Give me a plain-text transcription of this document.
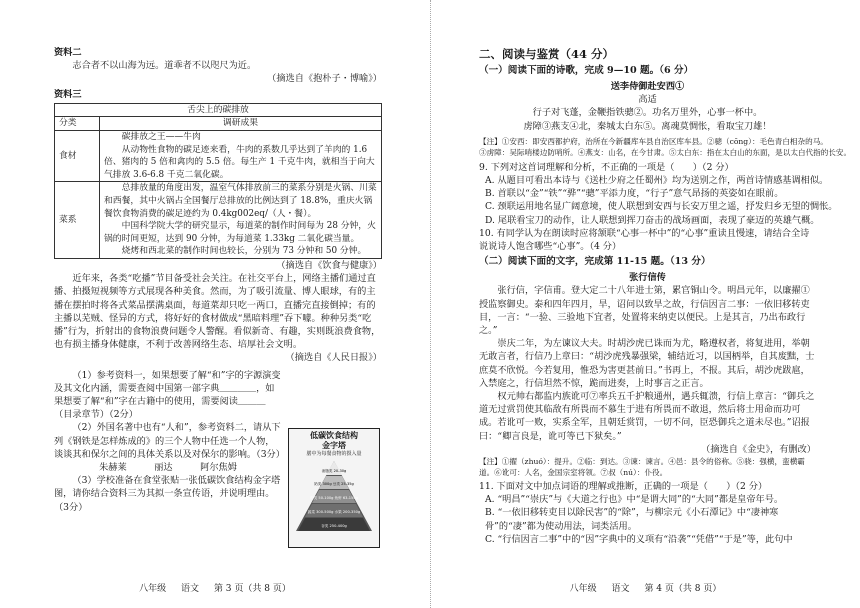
资料二

志合者不以山海为远。道乖者不以咫尺为近。

（摘选自《抱朴子・博喻》）

资料三

舌尖上的碳排放	
分类	调研成果
食材	碳排放之王——牛肉

从动物性食物的碳足迹来看，牛肉的系数几乎达到了羊肉的 1.6 倍、猪肉的 5 倍和禽肉的 5.5 倍。每生产 1 千克牛肉，就相当于向大气排放 3.6-6.8 千克二氧化碳。

菜系	总排放量的角度出发，温室气体排放前三的菜系分别是火锅、川菜和西餐，其中火锅占全国餐厅总排放的比例达到了 18.8%，重庆火锅餐饮食物消费的碳足迹约为 0.4kg002eq/（人・餐）。

中国科学院大学的研究显示，每道菜的制作时间每为 28 分钟，火锅的时间更短，达到 90 分钟，为每道菜 1.33kg 二氧化碳当量。

烧烤和西北菜的制作时间也较长，分别为 73 分钟和 50 分钟。

（摘选自《饮食与健康》）

近年来，各类“吃播”节目备受社会关注。在社交平台上，网络主播们通过直播、拍摄短视频等方式展现各种美食。然而，为了吸引流量、博人眼球，有的主播在摆拍时将各式菜品摆满桌面，每道菜却只吃一两口，直播完直接倒掉；有的主播以芜贼、怪异的方式，将好好的食材做成“黑暗料理”吞下噱。种种另类“吃播”行为，折射出的食物浪费问题令人警醒。看似新奇、有趣，实则既浪费食物，也有损主播身体健康，不利于改善网络生态、培厚社会文明。

（摘选自《人民日报》）

（1）参考资料一，如果想要了解“和”字的字源演变及其文化内涵，需要查阅中国第一部字典＿＿＿＿，如果想要了解“和”字在古籍中的使用，需要阅读＿＿＿（目录章节）（2分）

（2）外国名著中也有“人和”，参考资料二，请从下列《钢铁是怎样炼成的》的三个人物中任选一个人物，谈谈其和保尔之间的具体关系以及对保尔的影响。（3分）

朱赫莱　　　丽达　　　阿尔焦姆

（3）学校准备在食堂张贴一张低碳饮食结构金字塔图，请你结合资料三为其拟一条宣传语，并说明理由。（3分）

低碳饮食结构

金字塔

膳中为每餐食物的摄入量

油脂类 20-30g
奶类 300g 豆类 25-35g
肉类 50-100g 鱼虾 63-150g
蔬菜 300-500g 水果 200-350g
谷类 250-400g
八年级 语文 第 3 页（共 8 页）

二、阅读与鉴赏（44 分）

（一）阅读下面的诗歌，完成 9—10 题。（6 分）

送李侍御赴安西①

高适

行子对飞蓬，金鞭指铁骢②。功名万里外，心事一杯中。

虏障③燕支④北，秦城太白东⑤。离魂莫惆怅，看取宝刀雄！

【注】①安西：即安西都护府，治所在今新疆库车县自治区库车县。②骢（cōng）：毛色青白相杂的马。

③虏障：吴际哨楼边防哨所。④燕支：山名，在今甘肃。⑤太白东：指在太白山的东面，是以太白代指的长安。

9. 下列对这首词理解和分析，不正确的一项是（　　）（2 分）

A. 从题目可看出本诗与《送杜少府之任蜀州》均为送别之作，两首诗情感基调相似。

B. 首联以“金”“铁”“骅”“骢”平添力度，“行子”意气昂扬的英姿如在眼前。

C. 颈联运用地名显广阔意境，使人联想到安西与长安万里之遥，抒发归乡无望的惆怅。

D. 尾联看宝刀的动作，让人联想到挥刀奋击的战场画面，表现了豪迈的英雄气概。

10. 有同学认为在朗读时应将颔联“心事一杯中”的“心事”重读且慢速，请结合全诗说说诗人饱含哪些“心事”。（4 分）

（二）阅读下面的文字，完成第 11-15 题。（13 分）

张行信传

张行信，字信甫。登大定二十八年进士第，累官铜山令。明昌元年，以廉擢①授监察御史。泰和四年四月，旱，诏问以致旱之故，行信因言二事：一依旧移转吏目，一言：“一验、三验地下宜者，处置将来纳吏以便民。上是其言，乃出布政行之。”

崇庆二年，为左谏议大夫。时胡沙虎已诛而为尤，略遵权者，将复进用，举朝无敢言者，行信乃上章曰：“胡沙虎残暴强梁，辅结近习，以国柄举，自其废黜，士庶莫不欣悦。今若复用，惟恐为害更甚前日。”书再上，不报。其后，胡沙虎跋扈，入禁庭之，行信坦然不惊，跪而进奏，上时事言之正言。

权元帅右都监内族讹可⑦率兵五千护粮通州，遇兵辄溃，行信上章言：“御兵之道无过赏罚使其临敌有所畏而不慕生于进有所畏而不敢退，然后将士用命而功可成。若讹可一败，实系全军，且朝廷赏罚，一切不问，臣恐御兵之道未尽也。”诏报曰：“卿言良是，讹可等已下狱矣。”

（摘选自《金史》，有删改）

【注】①擢（zhuó）：提升。②临：到达。③谏：谏言。④邑：县令的俗称。⑤骁：强横，蛮横霸道。⑥讹可：人名，金国宗室将领。⑦叔（nú）：仆役。

11. 下面对文中加点词语的理解或推断，正确的一项是（　　）（2 分）

A. “明昌”“崇庆”与《大道之行也》中“是谓大同”的“大同”都是皇帝年号。

B. “一依旧移转吏目以除民害”的“除”，与柳宗元《小石潭记》中“凄神寒骨”的“凄”都为使动用法，词类活用。

C. “行信因言二事”中的“因”字典中的义项有“沿袭”“凭借”“于是”等，此句中

八年级 语文 第 4 页（共 8 页）
